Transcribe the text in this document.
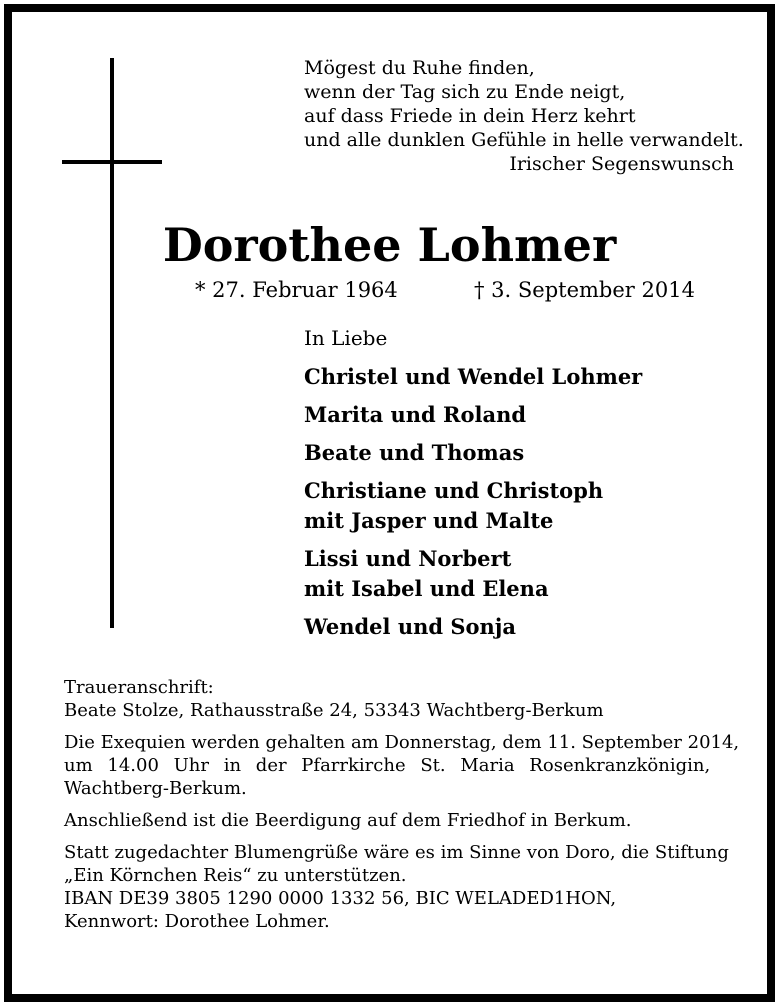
Mögest du Ruhe finden,
wenn der Tag sich zu Ende neigt,
auf dass Friede in dein Herz kehrt
und alle dunklen Gefühle in helle verwandelt.
Irischer Segenswunsch
Dorothee Lohmer
* 27. Februar 1964	† 3. September 2014
In Liebe
Christel und Wendel Lohmer
Marita und Roland
Beate und Thomas
Christiane und Christoph
mit Jasper und Malte
Lissi und Norbert
mit Isabel und Elena
Wendel und Sonja

Traueranschrift:
Beate Stolze, Rathausstraße 24, 53343 Wachtberg-Berkum

Die Exequien werden gehalten am Donnerstag, dem 11. September 2014,
um 14.00 Uhr in der Pfarrkirche St. Maria Rosenkranzkönigin,
Wachtberg-Berkum.

Anschließend ist die Beerdigung auf dem Friedhof in Berkum.

Statt zugedachter Blumengrüße wäre es im Sinne von Doro, die Stiftung
„Ein Körnchen Reis“ zu unterstützen.
IBAN DE39 3805 1290 0000 1332 56, BIC WELADED1HON,
Kennwort: Dorothee Lohmer.
